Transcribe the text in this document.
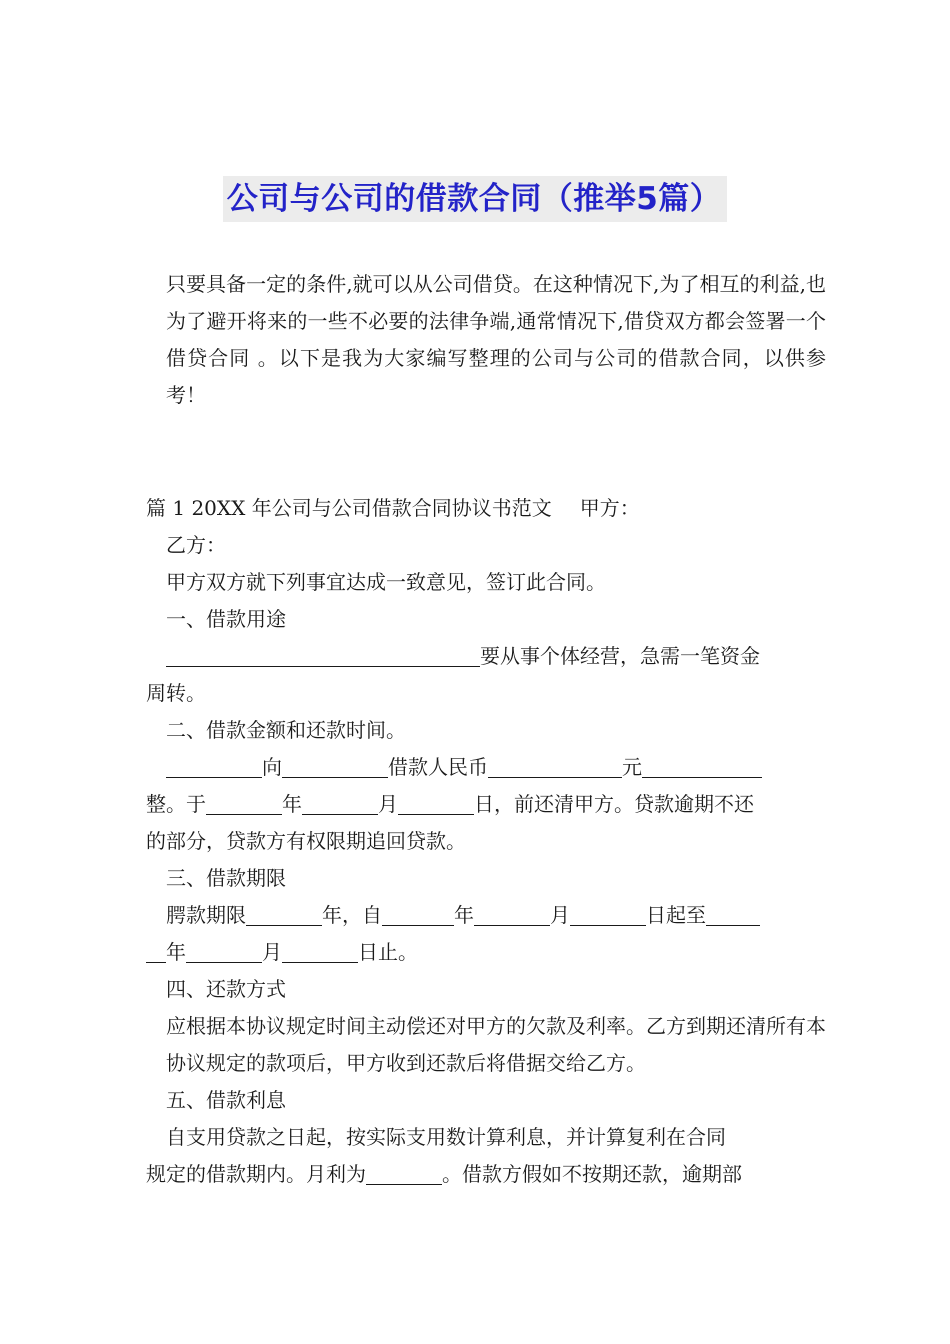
公司与公司的借款合同（推举5篇）
只要具备一定的条件,就可以从公司借贷。在这种情况下,为了相互的利益,也为了避开将来的一些不必要的法律争端,通常情况下,借贷双方都会签署一个借贷合同 。以下是我为大家编写整理的公司与公司的借款合同，以供参考！
篇 1 20XX 年公司与公司借款合同协议书范文 甲方：
乙方：
甲方双方就下列事宜达成一致意见，签订此合同。
一、借款用途
要从事个体经营，急需一笔资金
周转。
二、借款金额和还款时间。
向	借款人民币	元
整。于	年	月	日，前还清甲方。贷款逾期不还
的部分，贷款方有权限期追回贷款。
三、借款期限
腭款期限	年，自	年	月	日起至
年	月	日止。
四、还款方式
应根据本协议规定时间主动偿还对甲方的欠款及利率。乙方到期还清所有本协议规定的款项后，甲方收到还款后将借据交给乙方。
五、借款利息
自支用贷款之日起，按实际支用数计算利息，并计算复利在合同
规定的借款期内。月利为	。借款方假如不按期还款，逾期部
